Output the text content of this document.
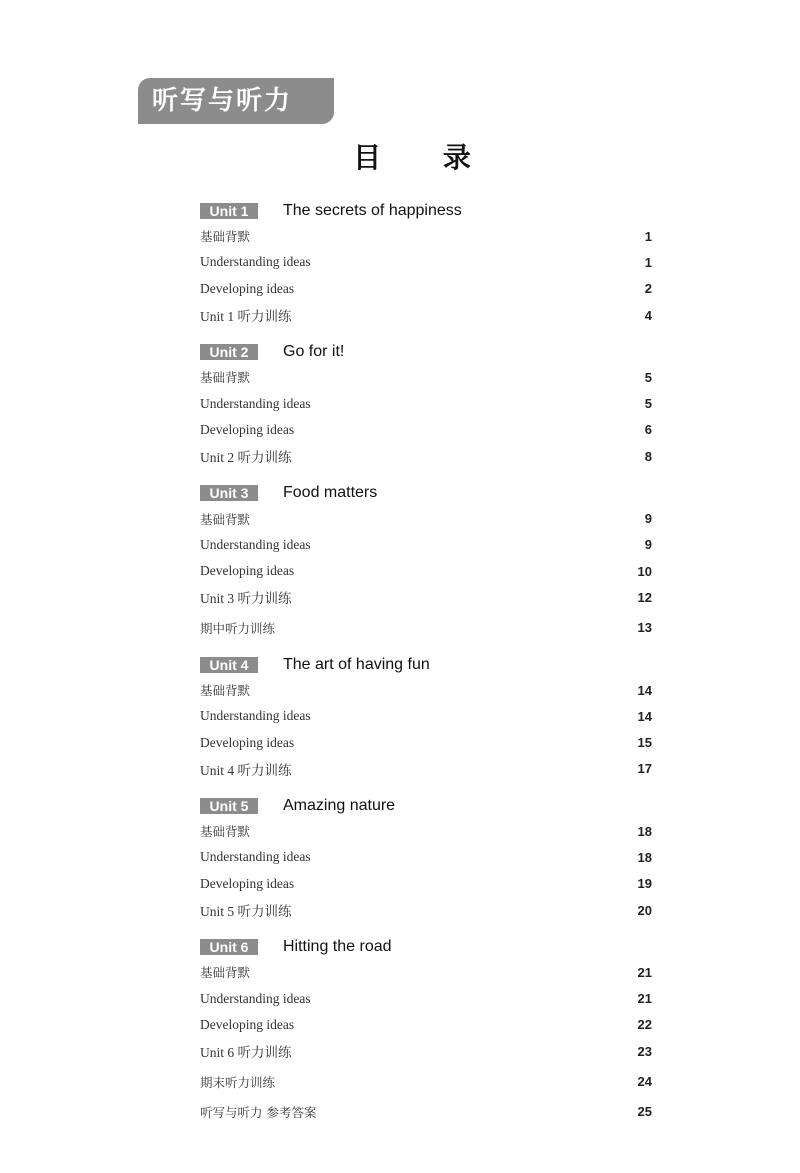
听写与听力
目 录
Unit 1	The secrets of happiness
基础背默	1
Understanding ideas	1
Developing ideas	2
Unit 1 听力训练	4
Unit 2	Go for it!
基础背默	5
Understanding ideas	5
Developing ideas	6
Unit 2 听力训练	8
Unit 3	Food matters
基础背默	9
Understanding ideas	9
Developing ideas	10
Unit 3 听力训练	12
期中听力训练	13
Unit 4	The art of having fun
基础背默	14
Understanding ideas	14
Developing ideas	15
Unit 4 听力训练	17
Unit 5	Amazing nature
基础背默	18
Understanding ideas	18
Developing ideas	19
Unit 5 听力训练	20
Unit 6	Hitting the road
基础背默	21
Understanding ideas	21
Developing ideas	22
Unit 6 听力训练	23
期末听力训练	24
听写与听力 参考答案	25
